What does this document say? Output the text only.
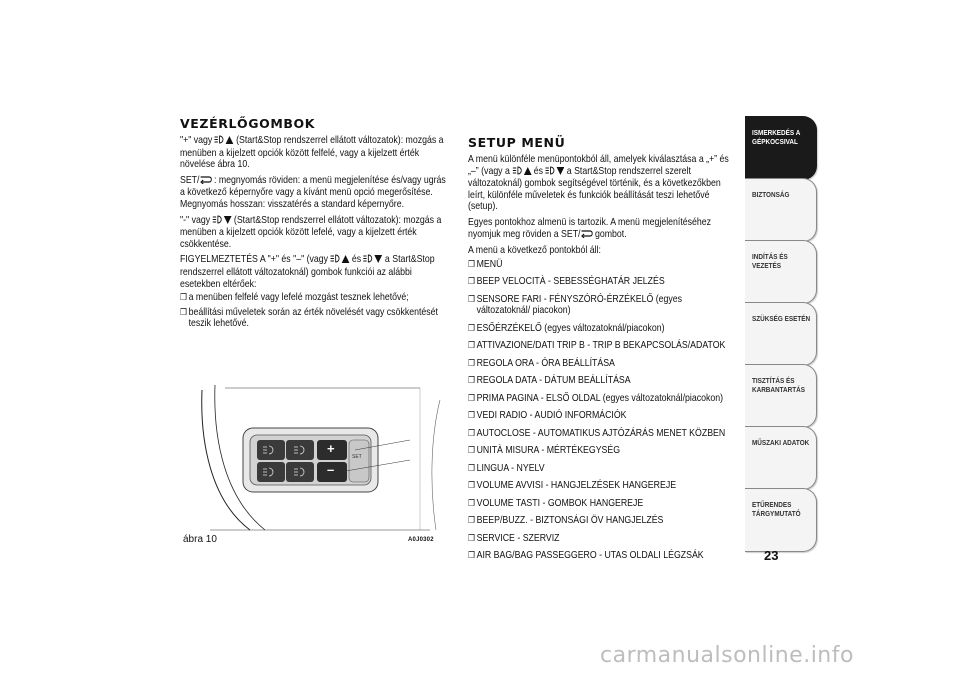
VEZÉRLŐGOMBOK
"+" vagy (Start&Stop rendszerrel ellátott változatok): mozgás a menüben a kijelzett opciók között felfelé, vagy a kijelzett érték növelése ábra 10.
SET/ : megnyomás röviden: a menü megjelenítése és/vagy ugrás a következő képernyőre vagy a kívánt menü opció megerősítése. Megnyomás hosszan: visszatérés a standard képernyőre.
"-" vagy (Start&Stop rendszerrel ellátott változatok): mozgás a menüben a kijelzett opciók között lefelé, vagy a kijelzett érték csökkentése.
FIGYELMEZTETÉS A "+" és "–" (vagy és a Start&Stop rendszerrel ellátott változatoknál) gombok funkciói az alábbi esetekben eltérőek:
❒ a menüben felfelé vagy lefelé mozgást tesznek lehetővé;
❒ beállítási műveletek során az érték növelését vagy csökkentését teszik lehetővé.
+
–
SET
ábra 10	A0J0302
SETUP MENÜ
A menü különféle menüpontokból áll, amelyek kiválasztása a „+” és „–” (vagy a és a Start&Stop rendszerrel szerelt változatoknál) gombok segítségével történik, és a következőkben leírt, különféle műveletek és funkciók beállítását teszi lehetővé (setup).
Egyes pontokhoz almenü is tartozik. A menü megjelenítéséhez nyomjuk meg röviden a SET/ gombot.
A menü a következő pontokból áll:
❒ MENÜ
❒ BEEP VELOCITÀ - SEBESSÉGHATÁR JELZÉS
❒ SENSORE FARI - FÉNYSZÓRÓ-ÉRZÉKELŐ (egyes változatoknál/ piacokon)
❒ ESŐÉRZÉKELŐ (egyes változatoknál/piacokon)
❒ ATTIVAZIONE/DATI TRIP B - TRIP B BEKAPCSOLÁS/ADATOK
❒ REGOLA ORA - ÓRA BEÁLLÍTÁSA
❒ REGOLA DATA - DÁTUM BEÁLLÍTÁSA
❒ PRIMA PAGINA - ELSŐ OLDAL (egyes változatoknál/piacokon)
❒ VEDI RADIO - AUDIÓ INFORMÁCIÓK
❒ AUTOCLOSE - AUTOMATIKUS AJTÓZÁRÁS MENET KÖZBEN
❒ UNITÀ MISURA - MÉRTÉKEGYSÉG
❒ LINGUA - NYELV
❒ VOLUME AVVISI - HANGJELZÉSEK HANGEREJE
❒ VOLUME TASTI - GOMBOK HANGEREJE
❒ BEEP/BUZZ. - BIZTONSÁGI ÖV HANGJELZÉS
❒ SERVICE - SZERVIZ
❒ AIR BAG/BAG PASSEGGERO - UTAS OLDALI LÉGZSÁK
ISMERKEDÉS A
GÉPKOCSIVAL
BIZTONSÁG
INDÍTÁS ÉS VEZETÉS
SZÜKSÉG ESETÉN
TISZTÍTÁS ÉS
KARBANTARTÁS
MŰSZAKI ADATOK
ETŰRENDES
TÁRGYMUTATÓ
23
carmanualsonline.info
